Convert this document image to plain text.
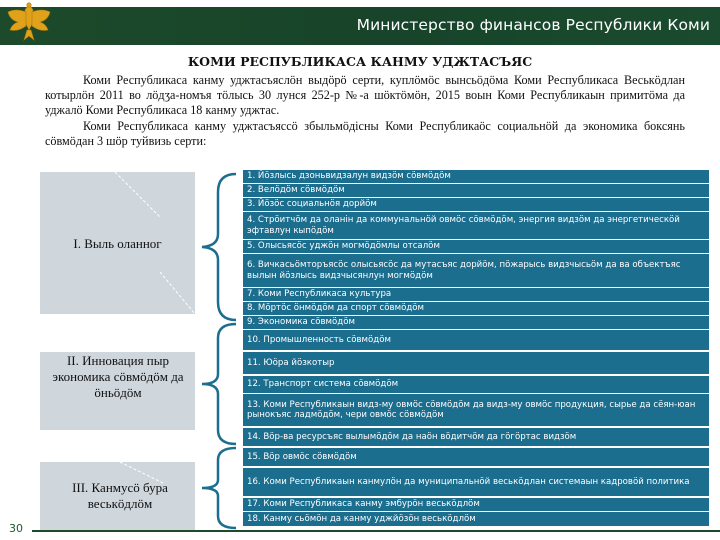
Министерство финансов Республики Коми
КОМИ РЕСПУБЛИКАСА КАНМУ УДЖТАСЪЯС

Коми Республикаса канму уджтасъяслӧн выдӧрӧ серти, куплӧмӧс вынсьӧдӧма Коми Республикаса Веськӧдлан котырлӧн 2011 во лӧдӡа-номъя тӧлысь 30 лунся 252-р №-а шӧктӧмӧн, 2015 воын Коми Республикаын примитӧма да уджалӧ Коми Республикаса 18 канму уджтас.

Коми Республикаса канму уджтасъяссӧ збыльмӧдісны Коми Республикаӧс социальнӧй да экономика боксянь сӧвмӧдан 3 шӧр туйвизь серти:

I. Выль оланног
II. Инновация пыр экономика сӧвмӧдӧм да ӧньӧдӧм
III. Канмусӧ бура веськӧдлӧм
1. Йӧзлысь дзоньвидзалун видзӧм сӧвмӧдӧм
2. Велӧдӧм сӧвмӧдӧм
3. Йӧзӧс социальнӧя дорйӧм
4. Стрӧитчӧм да оланін да коммунальнӧй овмӧс сӧвмӧдӧм, энергия видзӧм да энергетическӧй эфтавлун кыпӧдӧм
5. Олысьясӧс уджӧн могмӧдӧмлы отсалӧм
6. Вичкасьӧмторъясӧс олысьясӧс да мутасъяс дорйӧм, пӧжарысь видзчысьӧм да ва объектъяс вылын йӧзлысь видзчысянлун могмӧдӧм
7. Коми Республикаса культура
8. Мӧртӧс ӧнмӧдӧм да спорт сӧвмӧдӧм
9. Экономика сӧвмӧдӧм
10. Промышленность сӧвмӧдӧм
11. Юӧра йӧзкотыр
12. Транспорт система сӧвмӧдӧм
13. Коми Республикаын видз-му овмӧс сӧвмӧдӧм да видз-му овмӧс продукция, сырье да сёян-юан рынокъяс ладмӧдӧм, чери овмӧс сӧвмӧдӧм
14. Вӧр-ва ресурсъяс вылымӧдӧм да наӧн вӧдитчӧм да гӧгӧртас видзӧм
15. Вӧр овмӧс сӧвмӧдӧм
16. Коми Республикаын канмулӧн да муниципальнӧй веськӧдлан системаын кадровӧй политика
17. Коми Республикаса канму эмбурӧн веськӧдлӧм
18. Канму сьӧмӧн да канму уджйӧзӧн веськӧдлӧм
30
